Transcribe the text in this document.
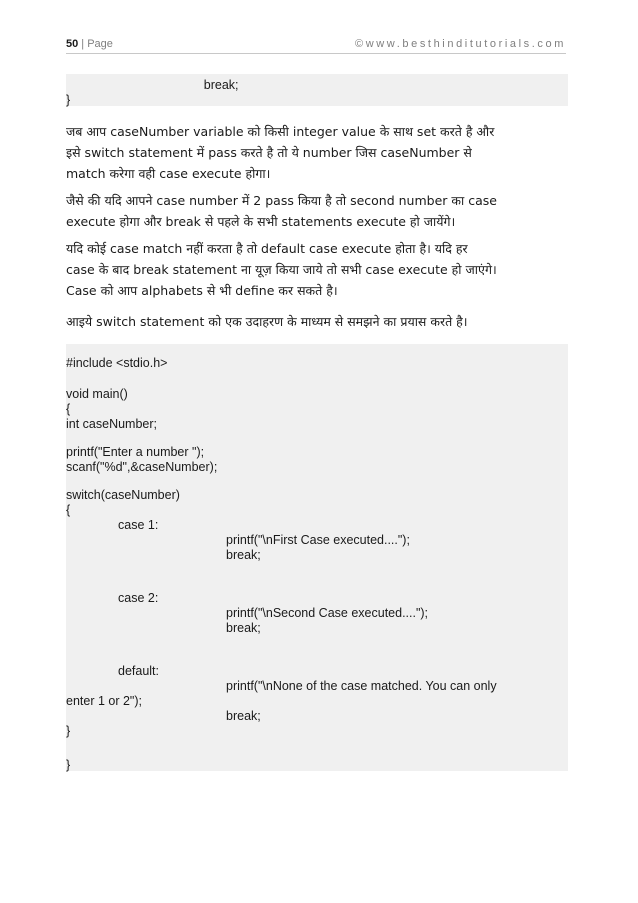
50 | Page	©www.besthinditutorials.com
break;
}
जब आप caseNumber variable को किसी integer value के साथ set करते है और
इसे switch statement में pass करते है तो ये number जिस caseNumber से
match करेगा वही case execute होगा।
जैसे की यदि आपने case number में 2 pass किया है तो second number का case
execute होगा और break से पहले के सभी statements execute हो जायेंगे।
यदि कोई case match नहीं करता है तो default case execute होता है। यदि हर
case के बाद break statement ना यूज़ किया जाये तो सभी case execute हो जाएंगे।
Case को आप alphabets से भी define कर सकते है।
आइये switch statement को एक उदाहरण के माध्यम से समझने का प्रयास करते है।
#include <stdio.h>
void main()
{
int caseNumber;
printf("Enter a number ");
scanf("%d",&caseNumber);
switch(caseNumber)
{
case 1:
printf("\nFirst Case executed....");
break;
case 2:
printf("\nSecond Case executed....");
break;
default:
printf("\nNone of the case matched. You can only
enter 1 or 2");
break;
}
}
